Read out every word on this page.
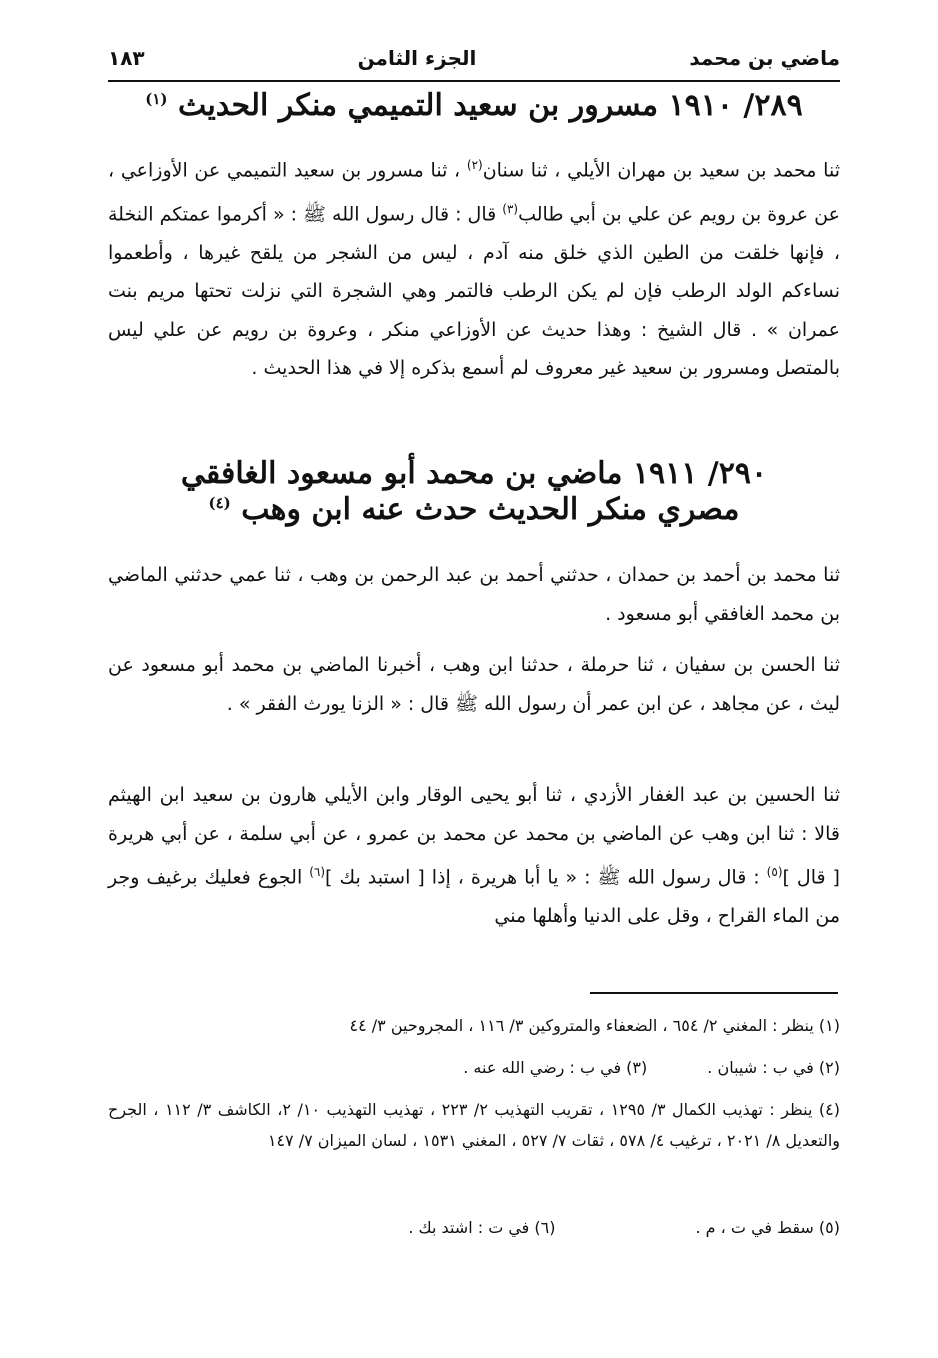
١٨٣	الجزء الثامن	ماضي بن محمد
٢٨٩/ ١٩١٠ مسرور بن سعيد التميمي منكر الحديث $^{(١)}$
ثنا محمد بن سعيد بن مهران الأيلي ، ثنا سنان$^{(٢)}$ ، ثنا مسرور بن سعيد التميمي عن الأوزاعي ، عن عروة بن رويم عن علي بن أبي طالب$^{(٣)}$ قال : قال رسول الله ﷺ : « أكرموا عمتكم النخلة ، فإنها خلقت من الطين الذي خلق منه آدم ، ليس من الشجر من يلقح غيرها ، وأطعموا نساءكم الولد الرطب فإن لم يكن الرطب فالتمر وهي الشجرة التي نزلت تحتها مريم بنت عمران » . قال الشيخ : وهذا حديث عن الأوزاعي منكر ، وعروة بن رويم عن علي ليس بالمتصل ومسرور بن سعيد غير معروف لم أسمع بذكره إلا في هذا الحديث .
٢٩٠/ ١٩١١ ماضي بن محمد أبو مسعود الغافقي
مصري منكر الحديث حدث عنه ابن وهب $^{(٤)}$
ثنا محمد بن أحمد بن حمدان ، حدثني أحمد بن عبد الرحمن بن وهب ، ثنا عمي حدثني الماضي بن محمد الغافقي أبو مسعود .
ثنا الحسن بن سفيان ، ثنا حرملة ، حدثنا ابن وهب ، أخبرنا الماضي بن محمد أبو مسعود عن ليث ، عن مجاهد ، عن ابن عمر أن رسول الله ﷺ قال : « الزنا يورث الفقر » .
ثنا الحسين بن عبد الغفار الأزدي ، ثنا أبو يحيى الوقار وابن الأيلي هارون بن سعيد ابن الهيثم قالا : ثنا ابن وهب عن الماضي بن محمد عن محمد بن عمرو ، عن أبي سلمة ، عن أبي هريرة [ قال ]$^{(٥)}$ : قال رسول الله ﷺ : « يا أبا هريرة ، إذا [ استبد بك ]$^{(٦)}$ الجوع فعليك برغيف وجر من الماء القراح ، وقل على الدنيا وأهلها مني
(١) ينظر : المغني ٢/ ٦٥٤ ، الضعفاء والمتروكين ٣/ ١١٦ ، المجروحين ٣/ ٤٤
(٢) في ب : شيبان .
(٣) في ب : رضي الله عنه .
(٤) ينظر : تهذيب الكمال ٣/ ١٢٩٥ ، تقريب التهذيب ٢/ ٢٢٣ ، تهذيب التهذيب ١٠/ ٢، الكاشف ٣/ ١١٢ ، الجرح والتعديل ٨/ ٢٠٢١ ، ترغيب ٤/ ٥٧٨ ، ثقات ٧/ ٥٢٧ ، المغني ١٥٣١ ، لسان الميزان ٧/ ١٤٧
(٥) سقط في ت ، م .
(٦) في ت : اشتد بك .
